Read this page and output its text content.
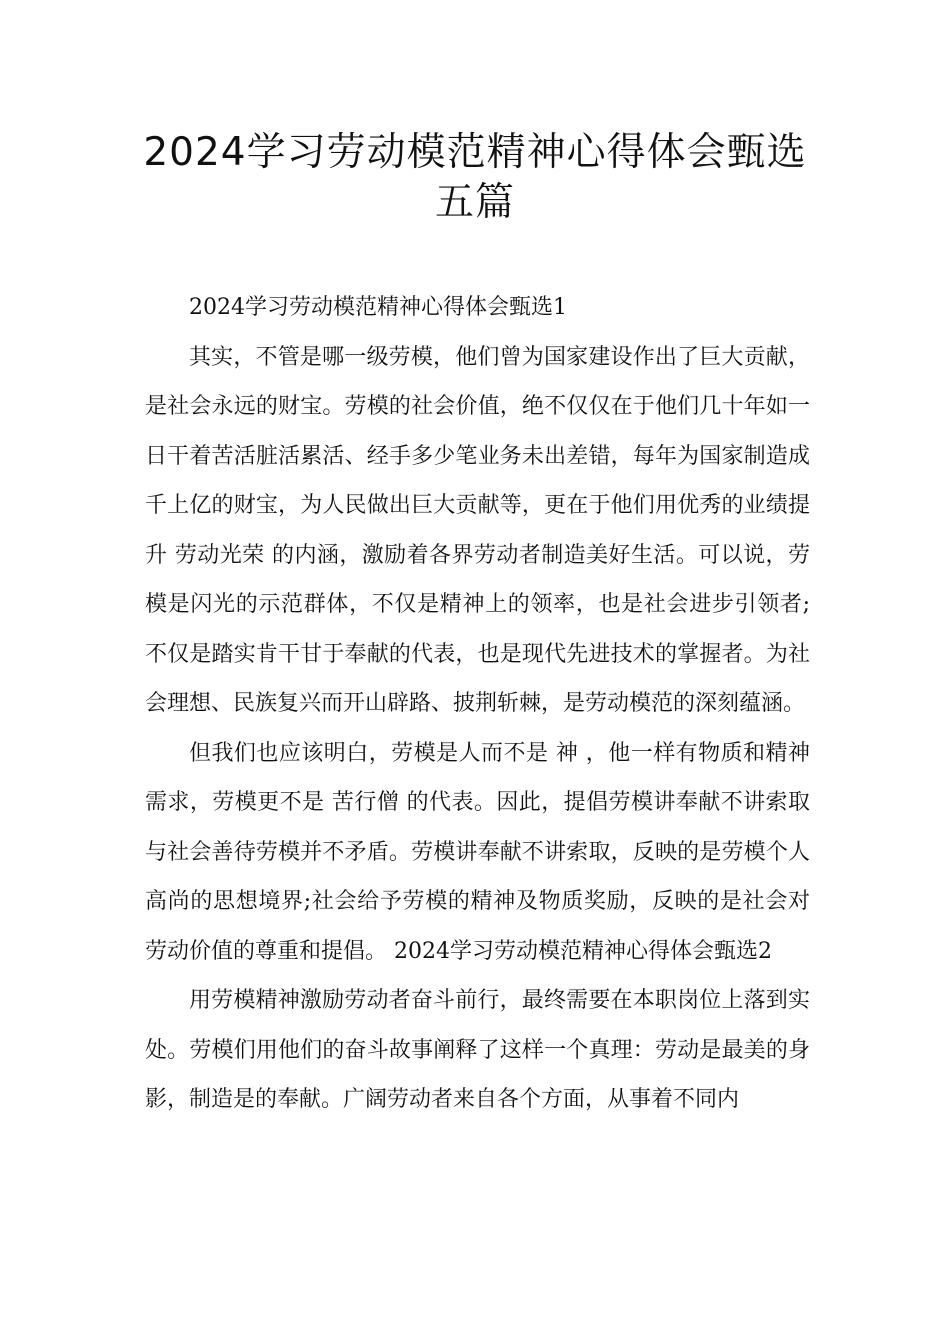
2024学习劳动模范精神心得体会甄选五篇

2024学习劳动模范精神心得体会甄选1

其实，不管是哪一级劳模，他们曾为国家建设作出了巨大贡献，是社会永远的财宝。劳模的社会价值，绝不仅仅在于他们几十年如一日干着苦活脏活累活、经手多少笔业务未出差错，每年为国家制造成千上亿的财宝，为人民做出巨大贡献等，更在于他们用优秀的业绩提升 劳动光荣 的内涵，激励着各界劳动者制造美好生活。可以说，劳模是闪光的示范群体，不仅是精神上的领率，也是社会进步引领者;不仅是踏实肯干甘于奉献的代表，也是现代先进技术的掌握者。为社会理想、民族复兴而开山辟路、披荆斩棘，是劳动模范的深刻蕴涵。

但我们也应该明白，劳模是人而不是 神 ，他一样有物质和精神需求，劳模更不是 苦行僧 的代表。因此，提倡劳模讲奉献不讲索取与社会善待劳模并不矛盾。劳模讲奉献不讲索取，反映的是劳模个人高尚的思想境界;社会给予劳模的精神及物质奖励，反映的是社会对劳动价值的尊重和提倡。 2024学习劳动模范精神心得体会甄选2

用劳模精神激励劳动者奋斗前行，最终需要在本职岗位上落到实处。劳模们用他们的奋斗故事阐释了这样一个真理：劳动是最美的身影，制造是的奉献。广阔劳动者来自各个方面，从事着不同内
